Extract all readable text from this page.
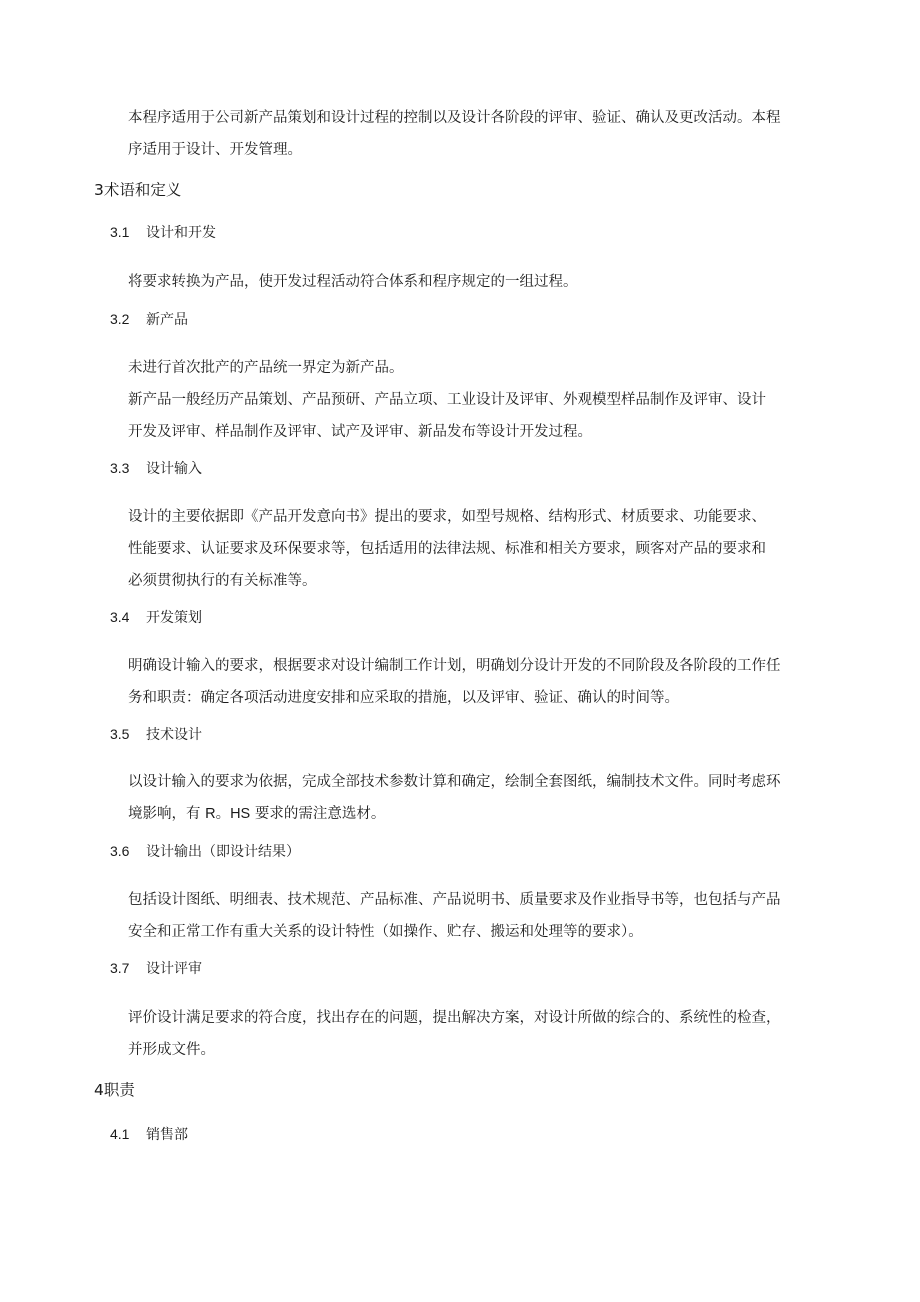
本程序适用于公司新产品策划和设计过程的控制以及设计各阶段的评审、验证、确认及更改活动。本程
序适用于设计、开发管理。
3术语和定义
3.1 设计和开发
将要求转换为产品，使开发过程活动符合体系和程序规定的一组过程。
3.2 新产品
未进行首次批产的产品统一界定为新产品。
新产品一般经历产品策划、产品预研、产品立项、工业设计及评审、外观模型样品制作及评审、设计
开发及评审、样品制作及评审、试产及评审、新品发布等设计开发过程。
3.3 设计输入
设计的主要依据即《产品开发意向书》提出的要求，如型号规格、结构形式、材质要求、功能要求、
性能要求、认证要求及环保要求等，包括适用的法律法规、标准和相关方要求，顾客对产品的要求和
必须贯彻执行的有关标准等。
3.4 开发策划
明确设计输入的要求，根据要求对设计编制工作计划，明确划分设计开发的不同阶段及各阶段的工作任
务和职责：确定各项活动进度安排和应采取的措施，以及评审、验证、确认的时间等。
3.5 技术设计
以设计输入的要求为依据，完成全部技术参数计算和确定，绘制全套图纸，编制技术文件。同时考虑环
境影响，有 R。HS 要求的需注意选材。
3.6 设计输出（即设计结果）
包括设计图纸、明细表、技术规范、产品标准、产品说明书、质量要求及作业指导书等，也包括与产品
安全和正常工作有重大关系的设计特性（如操作、贮存、搬运和处理等的要求）。
3.7 设计评审
评价设计满足要求的符合度，找出存在的问题，提出解决方案，对设计所做的综合的、系统性的检查，
并形成文件。
4职责
4.1 销售部
